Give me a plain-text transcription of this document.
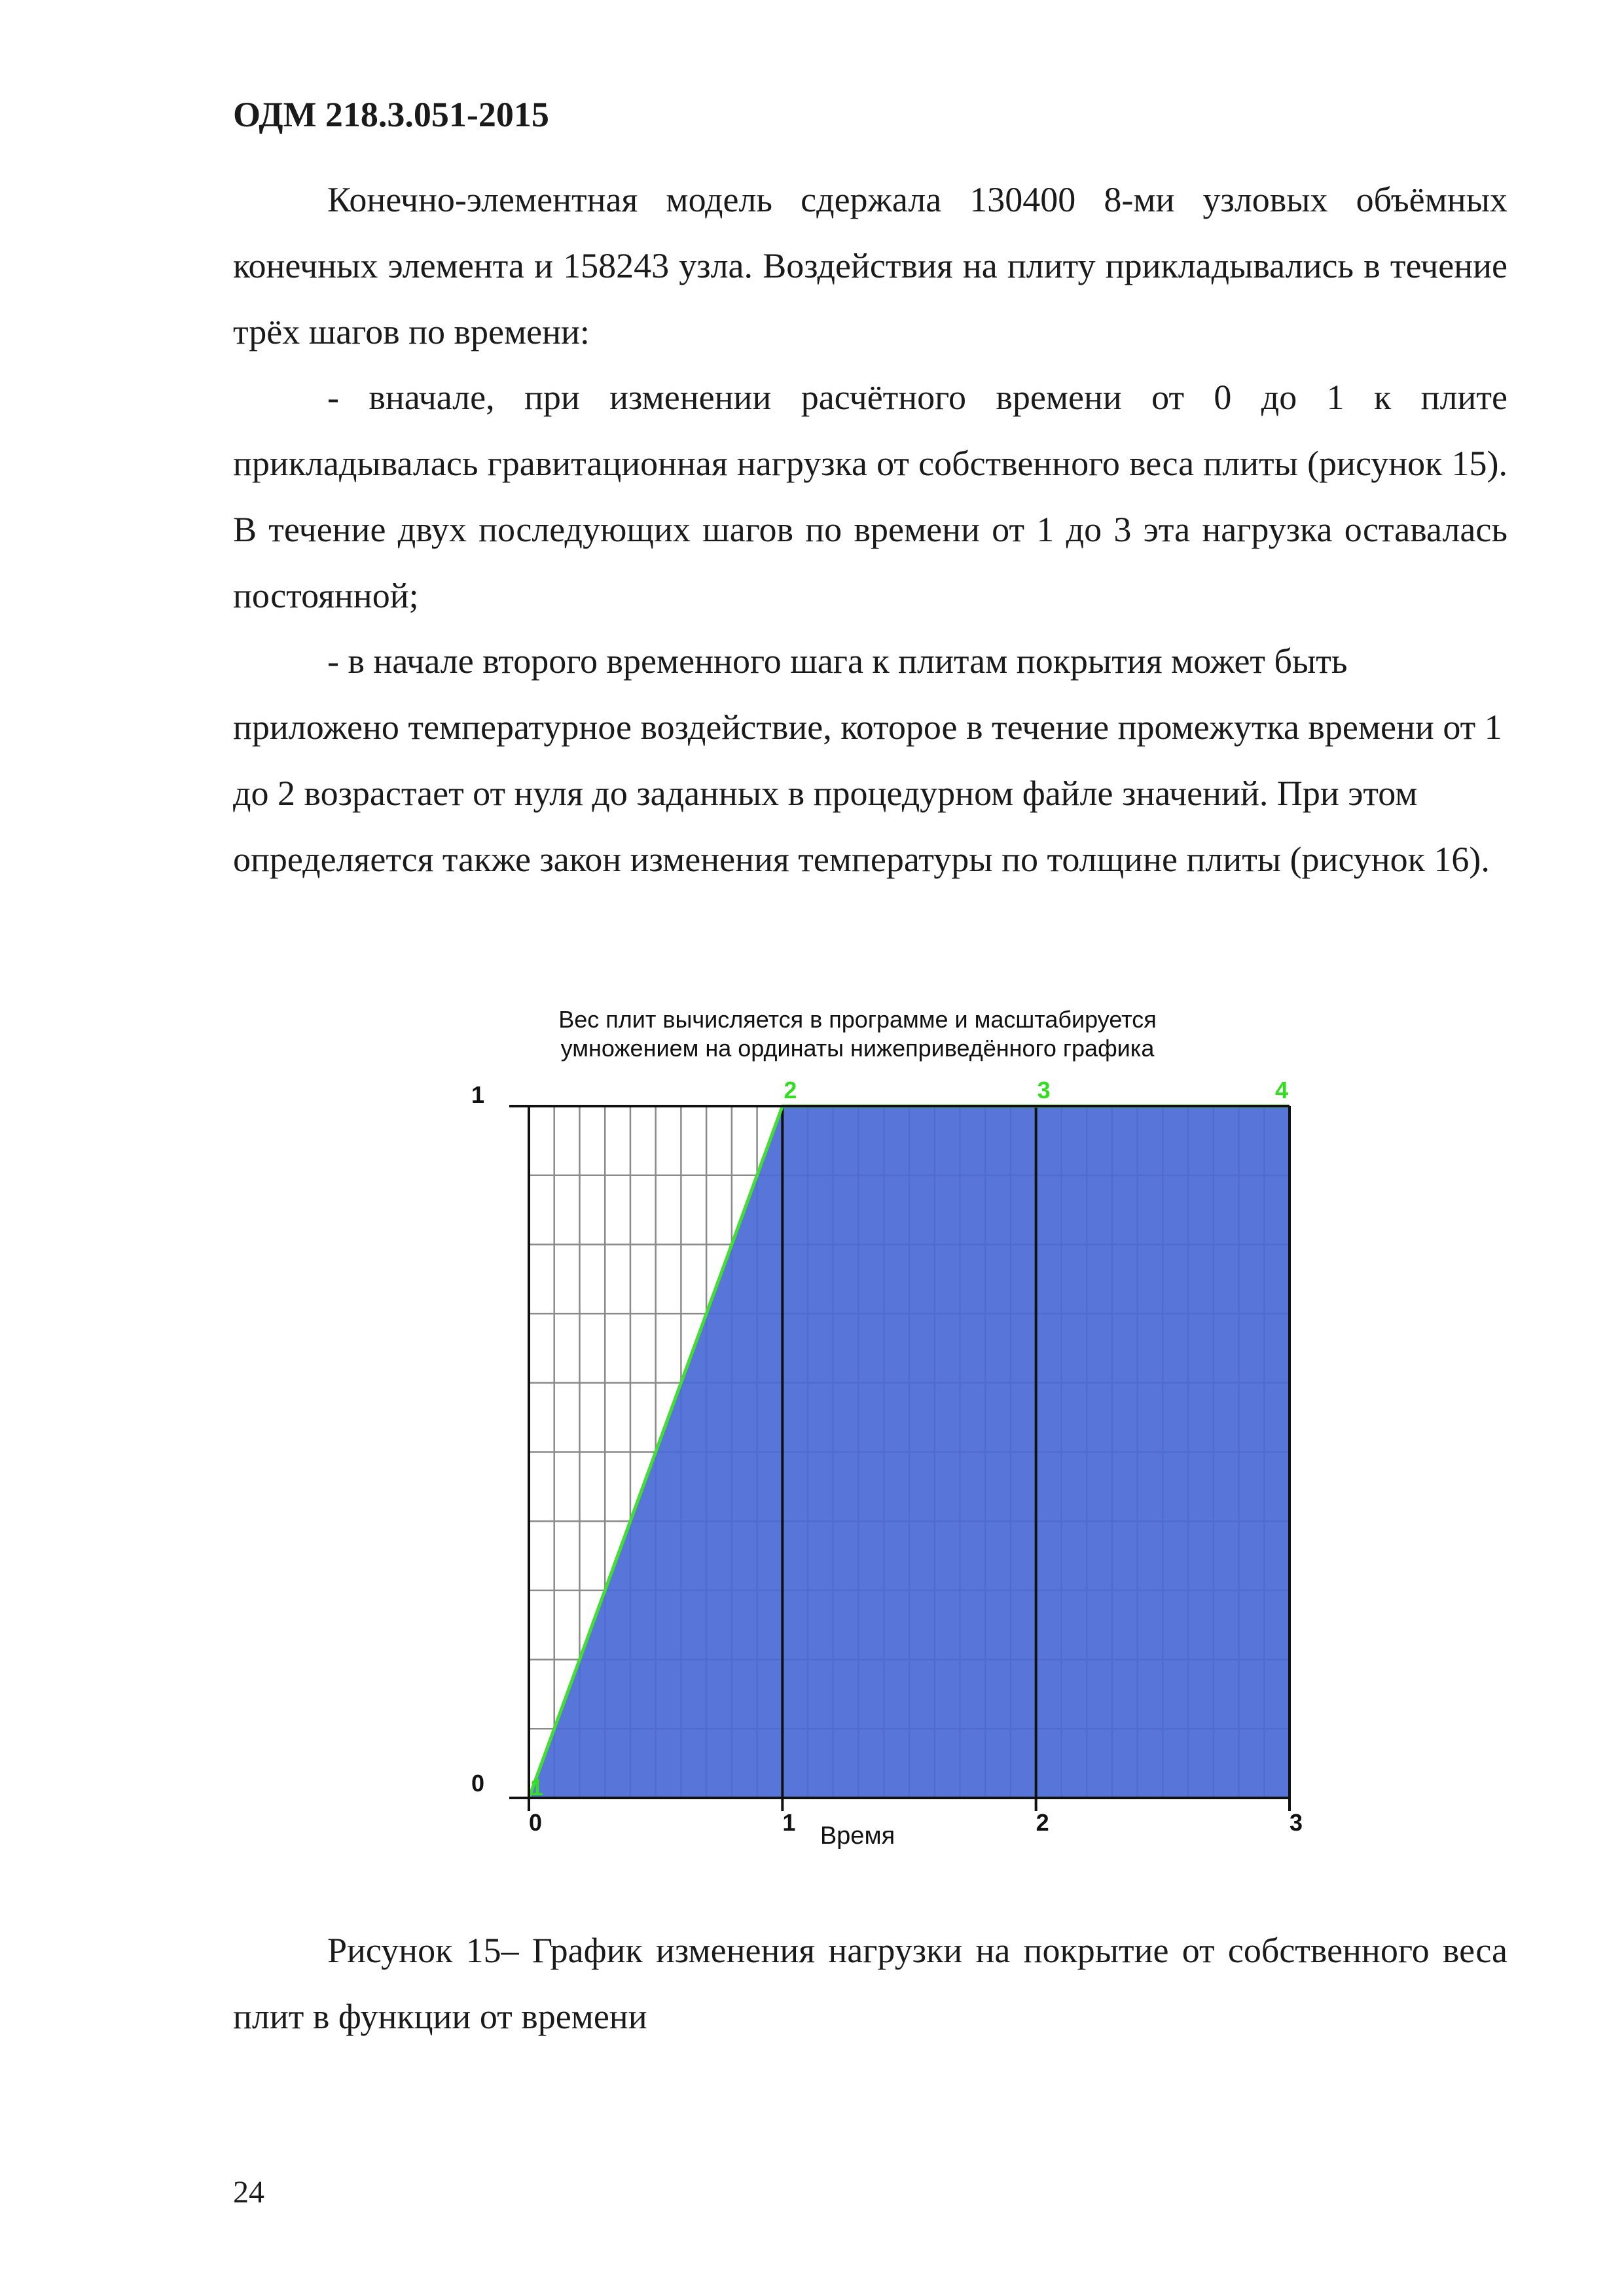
ОДМ 218.3.051-2015

Конечно-элементная модель сдержала 130400 8-ми узловых объёмных конечных элемента и 158243 узла. Воздействия на плиту прикладывались в течение трёх шагов по времени:

- вначале, при изменении расчётного времени от 0 до 1 к плите прикладывалась гравитационная нагрузка от собственного веса плиты (рисунок 15). В течение двух последующих шагов по времени от 1 до 3 эта нагрузка оставалась постоянной;

- в начале второго временного шага к плитам покрытия может быть приложено температурное воздействие, которое в течение промежутка времени от 1 до 2 возрастает от нуля до заданных в процедурном файле значений. При этом определяется также закон изменения температуры по толщине плиты (рисунок 16).

Вес плит вычисляется в программе и масштабируется
умножением на ординаты нижеприведённого графика
0	1	2	3
0
1
Время
1
2	3	4

Рисунок 15– График изменения нагрузки на покрытие от собственного веса плит в функции от времени

24
